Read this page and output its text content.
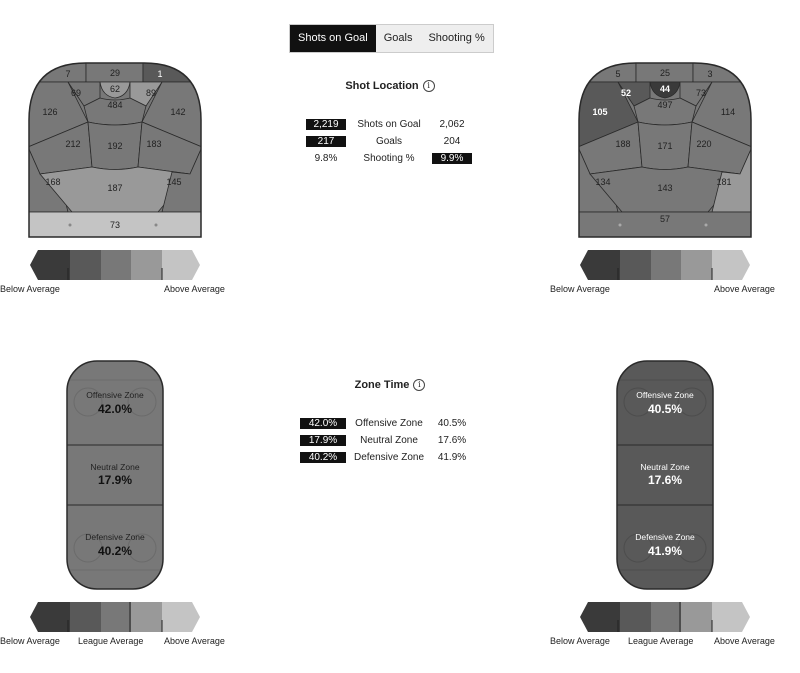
Shots on Goal	Goals	Shooting %
Shot Location	i
2,219	Shots on Goal	2,062
217	Goals	204
9.8%	Shooting %	9.9%
Zone Time	i
42.0%	Offensive Zone	40.5%
17.9%	Neutral Zone	17.6%
40.2%	Defensive Zone	41.9%
7	29	1
69	62	89
484
126	142
212	192	183
168
187
145
73
5	25	3
52	44	73
497
105	114
188	171	220
134
143
181
57
Below Average	Above Average	Below Average	Above Average
Offensive Zone
42.0%
Neutral Zone
17.9%
Defensive Zone
40.2%
Offensive Zone
40.5%
Neutral Zone
17.6%
Defensive Zone
41.9%
Below Average League Average Above Average	Below Average League Average Above Average
